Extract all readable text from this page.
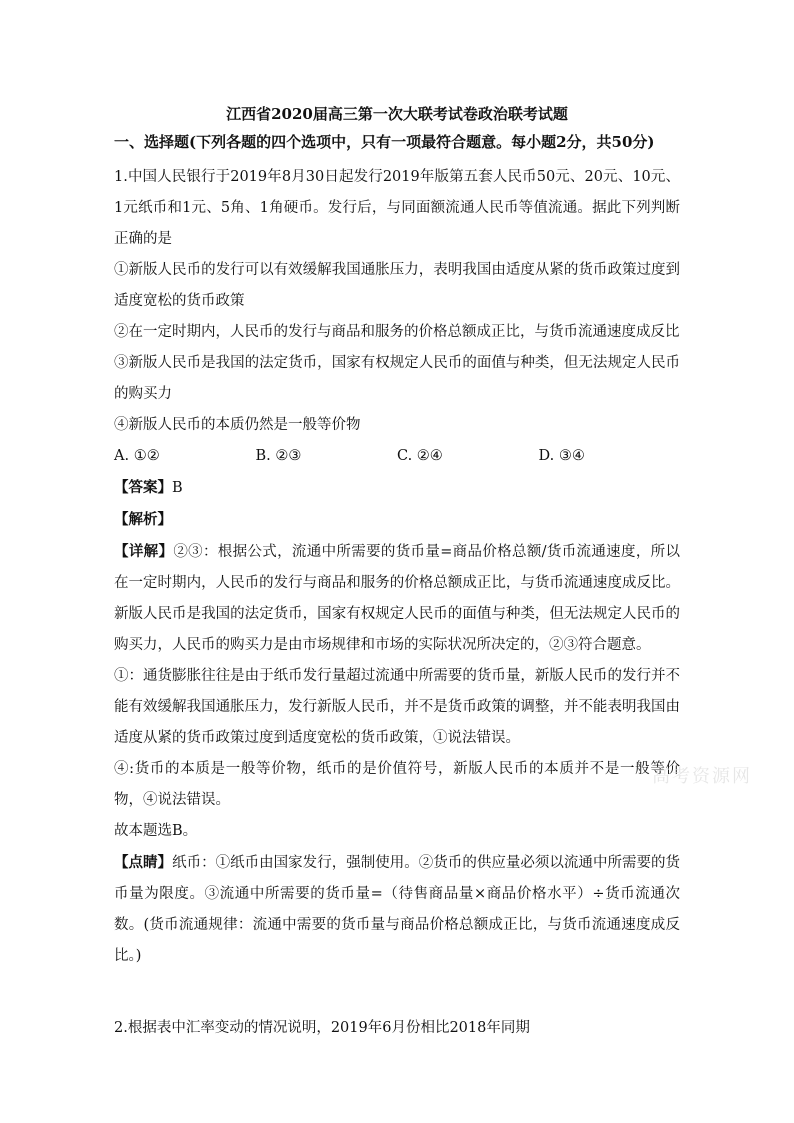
江西省2020届高三第一次大联考试卷政治联考试题
一、选择题(下列各题的四个选项中，只有一项最符合题意。每小题2分，共50分)

1.中国人民银行于2019年8月30日起发行2019年版第五套人民币50元、20元、10元、1元纸币和1元、5角、1角硬币。发行后，与同面额流通人民币等值流通。据此下列判断正确的是

①新版人民币的发行可以有效缓解我国通胀压力，表明我国由适度从紧的货币政策过度到适度宽松的货币政策

②在一定时期内，人民币的发行与商品和服务的价格总额成正比，与货币流通速度成反比

③新版人民币是我国的法定货币，国家有权规定人民币的面值与种类，但无法规定人民币的购买力

④新版人民币的本质仍然是一般等价物

A. ①②	B. ②③	C. ②④	D. ③④

【答案】B

【解析】

【详解】②③：根据公式，流通中所需要的货币量=商品价格总额/货币流通速度，所以在一定时期内，人民币的发行与商品和服务的价格总额成正比，与货币流通速度成反比。新版人民币是我国的法定货币，国家有权规定人民币的面值与种类，但无法规定人民币的购买力，人民币的购买力是由市场规律和市场的实际状况所决定的，②③符合题意。

①：通货膨胀往往是由于纸币发行量超过流通中所需要的货币量，新版人民币的发行并不能有效缓解我国通胀压力，发行新版人民币，并不是货币政策的调整，并不能表明我国由适度从紧的货币政策过度到适度宽松的货币政策，①说法错误。

④:货币的本质是一般等价物，纸币的是价值符号，新版人民币的本质并不是一般等价物，④说法错误。

故本题选B。

【点睛】纸币：①纸币由国家发行，强制使用。②货币的供应量必须以流通中所需要的货币量为限度。③流通中所需要的货币量=（待售商品量×商品价格水平）÷货币流通次数。(货币流通规律：流通中需要的货币量与商品价格总额成正比，与货币流通速度成反比。)

2.根据表中汇率变动的情况说明，2019年6月份相比2018年同期

高考资源网
